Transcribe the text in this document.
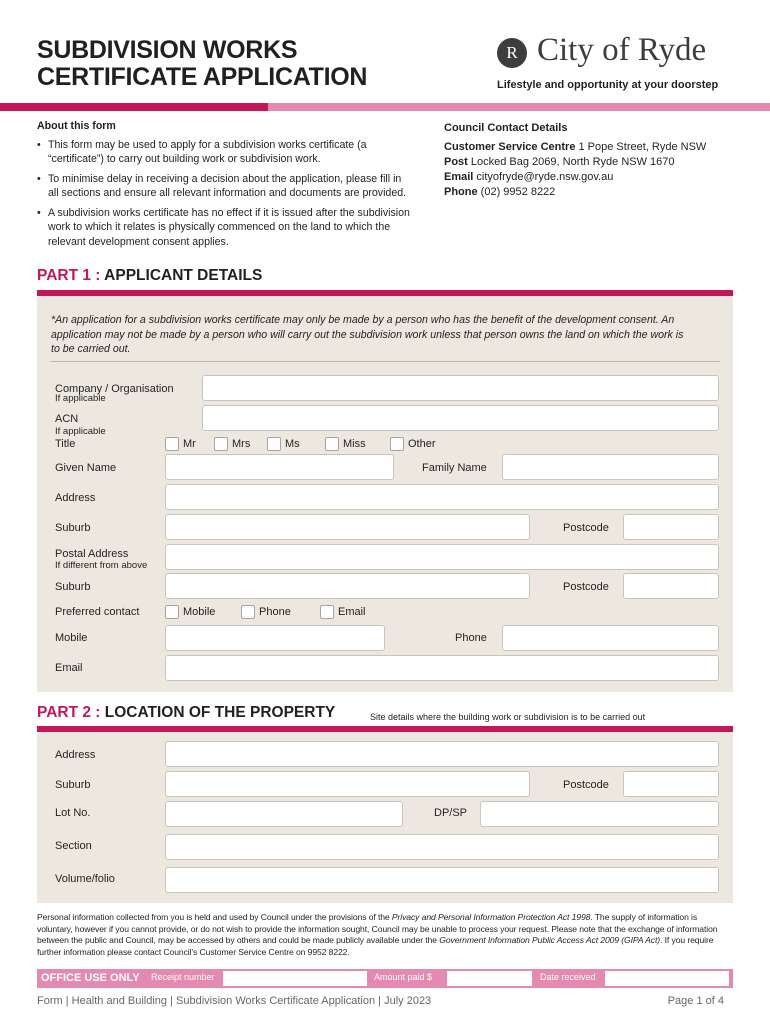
SUBDIVISION WORKS
CERTIFICATE APPLICATION
R City of Ryde
Lifestyle and opportunity at your doorstep
About this form
• This form may be used to apply for a subdivision works certificate (a “certificate”) to carry out building work or subdivision work.
• To minimise delay in receiving a decision about the application, please fill in all sections and ensure all relevant information and documents are provided.
• A subdivision works certificate has no effect if it is issued after the subdivision work to which it relates is physically commenced on the land to which the relevant development consent applies.
Council Contact Details
Customer Service Centre 1 Pope Street, Ryde NSW
Post Locked Bag 2069, North Ryde NSW 1670
Email cityofryde@ryde.nsw.gov.au
Phone (02) 9952 8222
PART 1 : APPLICANT DETAILS
*An application for a subdivision works certificate may only be made by a person who has the benefit of the development consent. An application may not be made by a person who will carry out the subdivision work unless that person owns the land on which the work is to be carried out.
Company / Organisation
If applicable
ACN
If applicable
Title	Mr	Mrs	Ms	Miss	Other
Given Name	Family Name
Address
Suburb	Postcode
Postal Address
If different from above
Suburb	Postcode
Preferred contact	Mobile	Phone	Email
Mobile	Phone
Email
PART 2 : LOCATION OF THE PROPERTY	Site details where the building work or subdivision is to be carried out
Address
Suburb	Postcode
Lot No.	DP/SP
Section
Volume/folio
Personal information collected from you is held and used by Council under the provisions of the Privacy and Personal Information Protection Act 1998. The supply of information is voluntary, however if you cannot provide, or do not wish to provide the information sought, Council may be unable to process your request. Please note that the exchange of information between the public and Council, may be accessed by others and could be made publicly available under the Government Information Public Access Act 2009 (GIPA Act). If you require further information please contact Council’s Customer Service Centre on 9952 8222.
OFFICE USE ONLY Receipt number	Amount paid $	Date received
Form | Health and Building | Subdivision Works Certificate Application | July 2023	Page 1 of 4
